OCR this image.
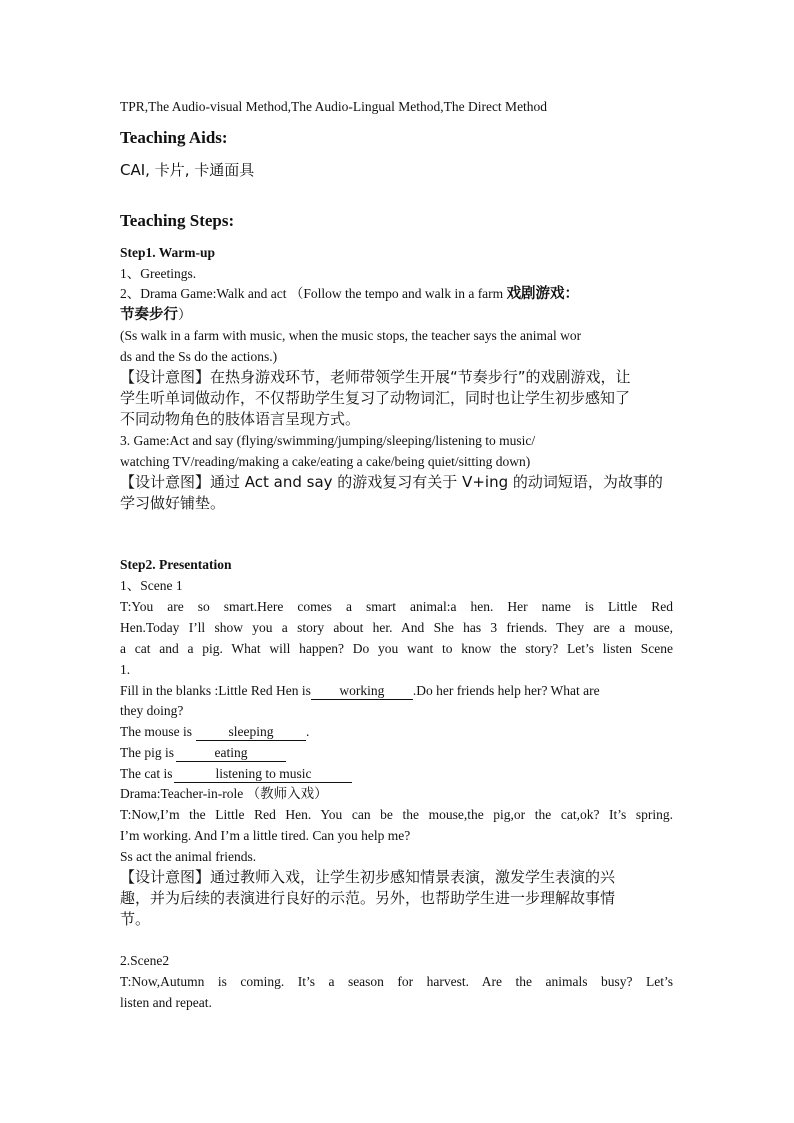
TPR,The Audio-visual Method,The Audio-Lingual Method,The Direct Method
Teaching Aids:
CAI, 卡片, 卡通面具
Teaching Steps:
Step1. Warm-up
1、Greetings.
2、Drama Game:Walk and act （Follow the tempo and walk in a farm 戏剧游戏：
节奏步行）
(Ss walk in a farm with music, when the music stops, the teacher says the animal wor
ds and the Ss do the actions.)
【设计意图】在热身游戏环节，老师带领学生开展“节奏步行”的戏剧游戏，让
学生听单词做动作，不仅帮助学生复习了动物词汇，同时也让学生初步感知了
不同动物角色的肢体语言呈现方式。
3. Game:Act and say (flying/swimming/jumping/sleeping/listening to music/
watching TV/reading/making a cake/eating a cake/being quiet/sitting down)
【设计意图】通过 Act and say 的游戏复习有关于 V+ing 的动词短语，为故事的
学习做好铺垫。
Step2. Presentation
1、Scene 1
T:You are so smart.Here comes a smart animal:a hen. Her name is Little Red
Hen.Today I’ll show you a story about her. And She has 3 friends. They are a mouse,
a cat and a pig. What will happen? Do you want to know the story? Let’s listen Scene
1.
Fill in the blanks :Little Red Hen is working .Do her friends help her? What are
they doing?
The mouse is	sleeping .
The pig is	eating
The cat is	listening to music
Drama:Teacher-in-role （教师入戏）
T:Now,I’m the Little Red Hen. You can be the mouse,the pig,or the cat,ok? It’s spring.
I’m working. And I’m a little tired. Can you help me?
Ss act the animal friends.
【设计意图】通过教师入戏，让学生初步感知情景表演，激发学生表演的兴
趣，并为后续的表演进行良好的示范。另外，也帮助学生进一步理解故事情
节。
2.Scene2
T:Now,Autumn is coming. It’s a season for harvest. Are the animals busy? Let’s
listen and repeat.
